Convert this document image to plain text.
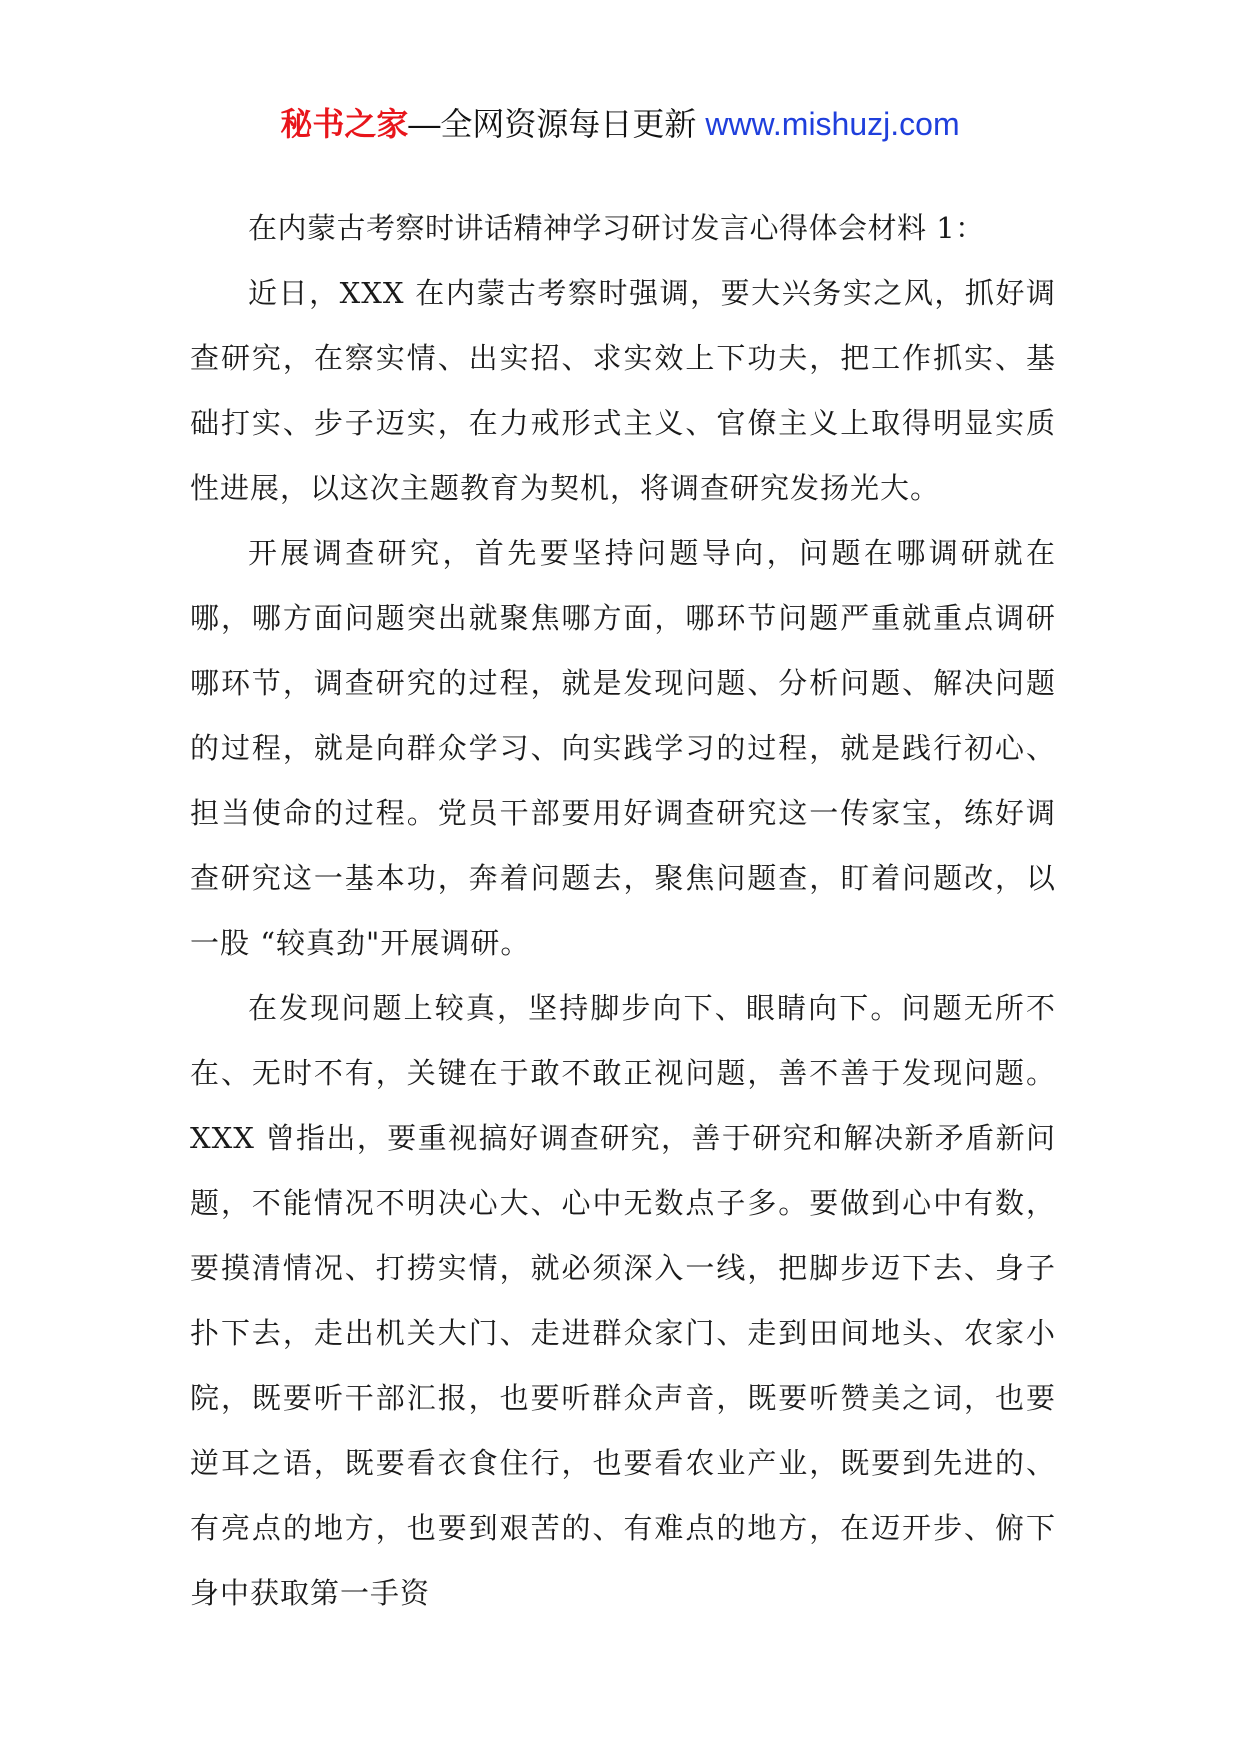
秘书之家—全网资源每日更新 www.mishuzj.com

在内蒙古考察时讲话精神学习研讨发言心得体会材料 1：

近日，XXX 在内蒙古考察时强调，要大兴务实之风，抓好调查研究，在察实情、出实招、求实效上下功夫，把工作抓实、基础打实、步子迈实，在力戒形式主义、官僚主义上取得明显实质性进展，以这次主题教育为契机，将调查研究发扬光大。

开展调查研究，首先要坚持问题导向，问题在哪调研就在哪，哪方面问题突出就聚焦哪方面，哪环节问题严重就重点调研哪环节，调查研究的过程，就是发现问题、分析问题、解决问题的过程，就是向群众学习、向实践学习的过程，就是践行初心、担当使命的过程。党员干部要用好调查研究这一传家宝，练好调查研究这一基本功，奔着问题去，聚焦问题查，盯着问题改，以一股 “较真劲"开展调研。

在发现问题上较真，坚持脚步向下、眼睛向下。问题无所不在、无时不有，关键在于敢不敢正视问题，善不善于发现问题。XXX 曾指出，要重视搞好调查研究，善于研究和解决新矛盾新问题，不能情况不明决心大、心中无数点子多。要做到心中有数，要摸清情况、打捞实情，就必须深入一线，把脚步迈下去、身子扑下去，走出机关大门、走进群众家门、走到田间地头、农家小院，既要听干部汇报，也要听群众声音，既要听赞美之词，也要逆耳之语，既要看衣食住行，也要看农业产业，既要到先进的、有亮点的地方，也要到艰苦的、有难点的地方，在迈开步、俯下身中获取第一手资
